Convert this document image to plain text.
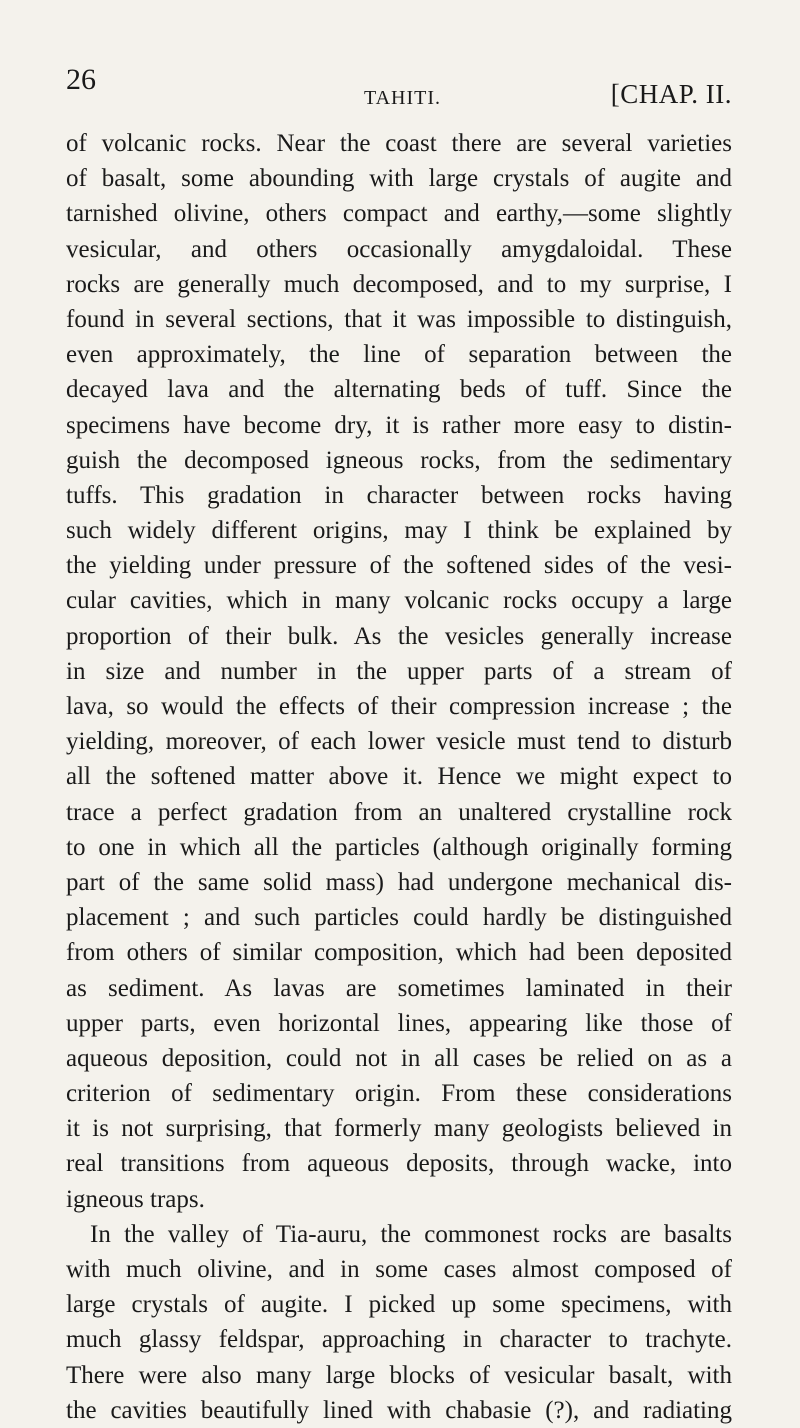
26
TAHITI.	[CHAP. II.
of volcanic rocks. Near the coast there are several varieties
of basalt, some abounding with large crystals of augite and
tarnished olivine, others compact and earthy,—some slightly
vesicular, and others occasionally amygdaloidal. These
rocks are generally much decomposed, and to my surprise, I
found in several sections, that it was impossible to distinguish,
even approximately, the line of separation between the
decayed lava and the alternating beds of tuff. Since the
specimens have become dry, it is rather more easy to distin-
guish the decomposed igneous rocks, from the sedimentary
tuffs. This gradation in character between rocks having
such widely different origins, may I think be explained by
the yielding under pressure of the softened sides of the vesi-
cular cavities, which in many volcanic rocks occupy a large
proportion of their bulk. As the vesicles generally increase
in size and number in the upper parts of a stream of
lava, so would the effects of their compression increase ; the
yielding, moreover, of each lower vesicle must tend to disturb
all the softened matter above it. Hence we might expect to
trace a perfect gradation from an unaltered crystalline rock
to one in which all the particles (although originally forming
part of the same solid mass) had undergone mechanical dis-
placement ; and such particles could hardly be distinguished
from others of similar composition, which had been deposited
as sediment. As lavas are sometimes laminated in their
upper parts, even horizontal lines, appearing like those of
aqueous deposition, could not in all cases be relied on as a
criterion of sedimentary origin. From these considerations
it is not surprising, that formerly many geologists believed in
real transitions from aqueous deposits, through wacke, into
igneous traps.
In the valley of Tia-auru, the commonest rocks are basalts
with much olivine, and in some cases almost composed of
large crystals of augite. I picked up some specimens, with
much glassy feldspar, approaching in character to trachyte.
There were also many large blocks of vesicular basalt, with
the cavities beautifully lined with chabasie (?), and radiating
